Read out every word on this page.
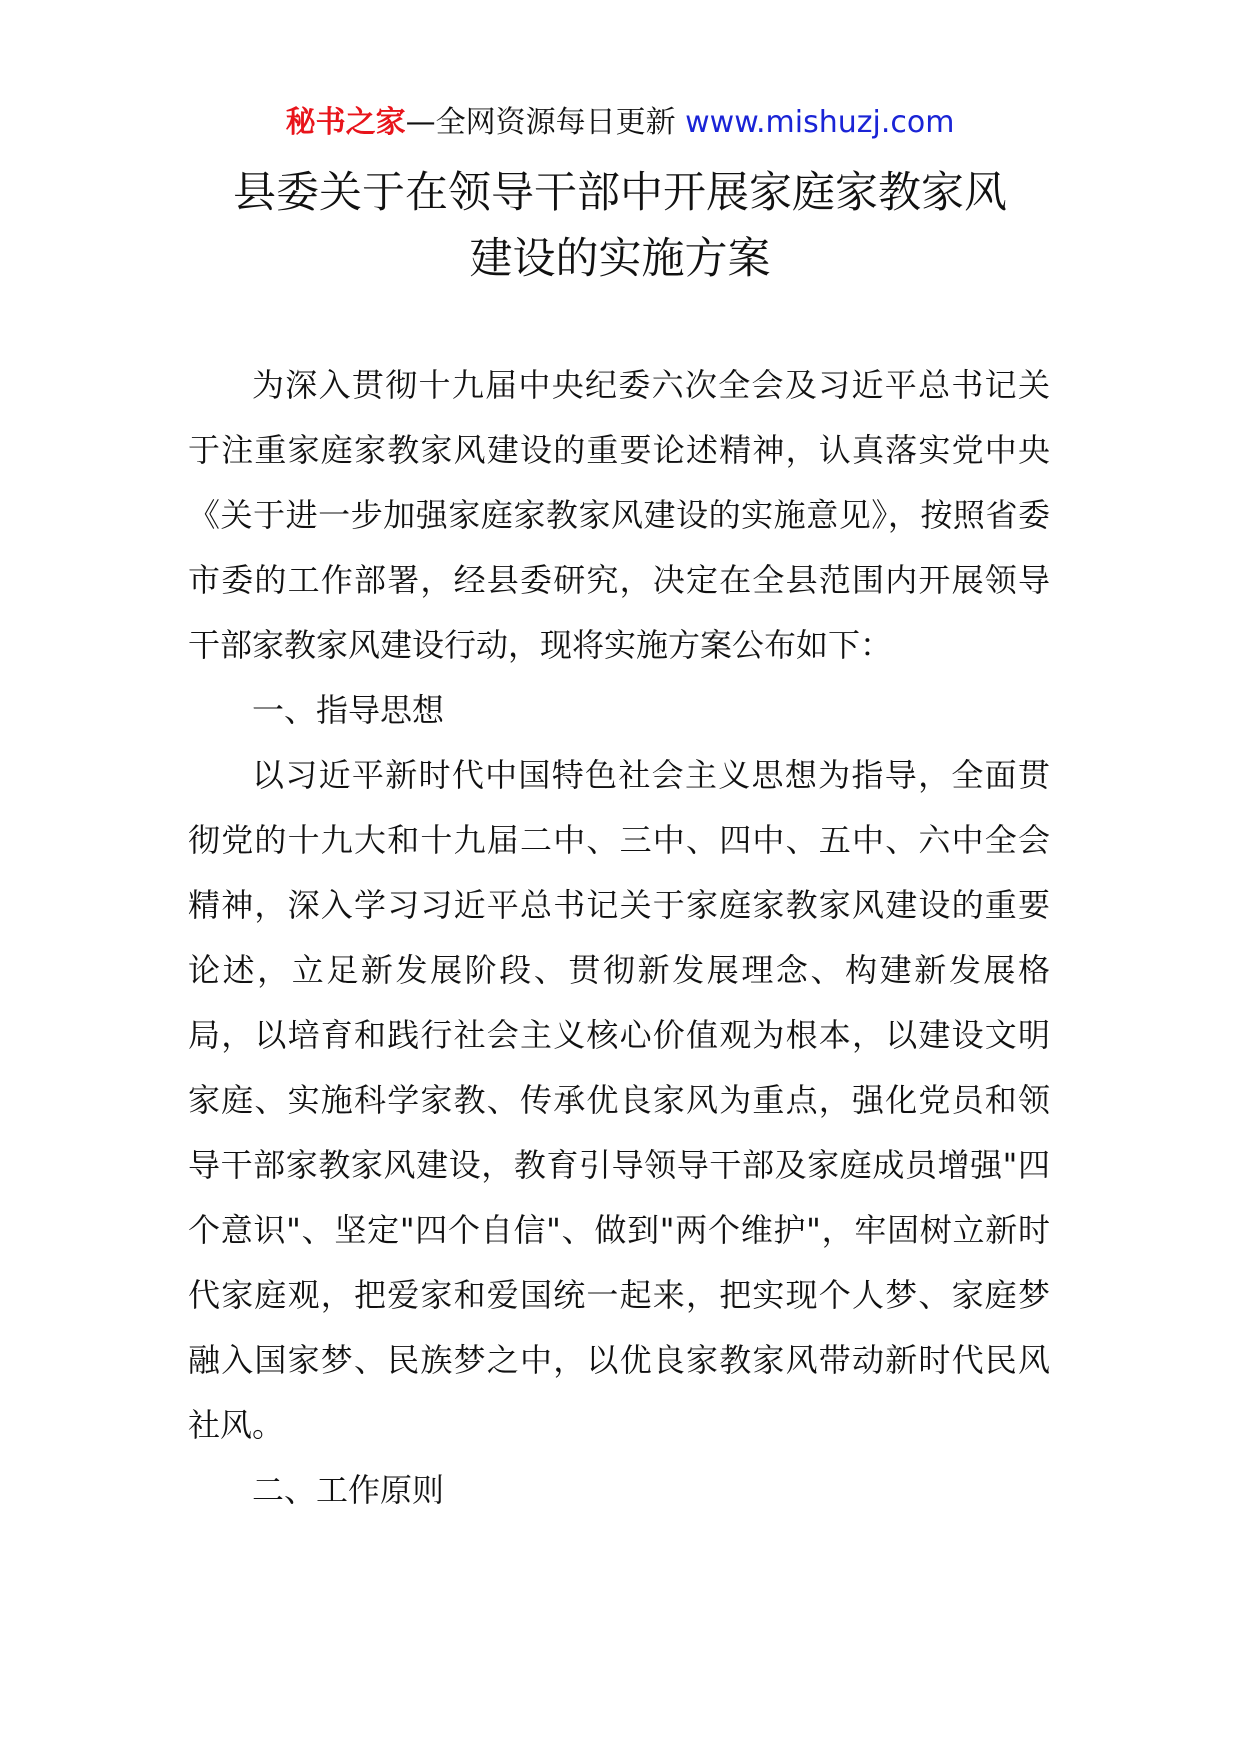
秘书之家—全网资源每日更新 www.mishuzj.com
县委关于在领导干部中开展家庭家教家风
建设的实施方案

为深入贯彻十九届中央纪委六次全会及习近平总书记关于注重家庭家教家风建设的重要论述精神，认真落实党中央《关于进一步加强家庭家教家风建设的实施意见》，按照省委市委的工作部署，经县委研究，决定在全县范围内开展领导干部家教家风建设行动，现将实施方案公布如下：

一、指导思想

以习近平新时代中国特色社会主义思想为指导，全面贯彻党的十九大和十九届二中、三中、四中、五中、六中全会精神，深入学习习近平总书记关于家庭家教家风建设的重要论述，立足新发展阶段、贯彻新发展理念、构建新发展格局，以培育和践行社会主义核心价值观为根本，以建设文明家庭、实施科学家教、传承优良家风为重点，强化党员和领导干部家教家风建设，教育引导领导干部及家庭成员增强"四个意识"、坚定"四个自信"、做到"两个维护"，牢固树立新时代家庭观，把爱家和爱国统一起来，把实现个人梦、家庭梦融入国家梦、民族梦之中，以优良家教家风带动新时代民风社风。

二、工作原则
